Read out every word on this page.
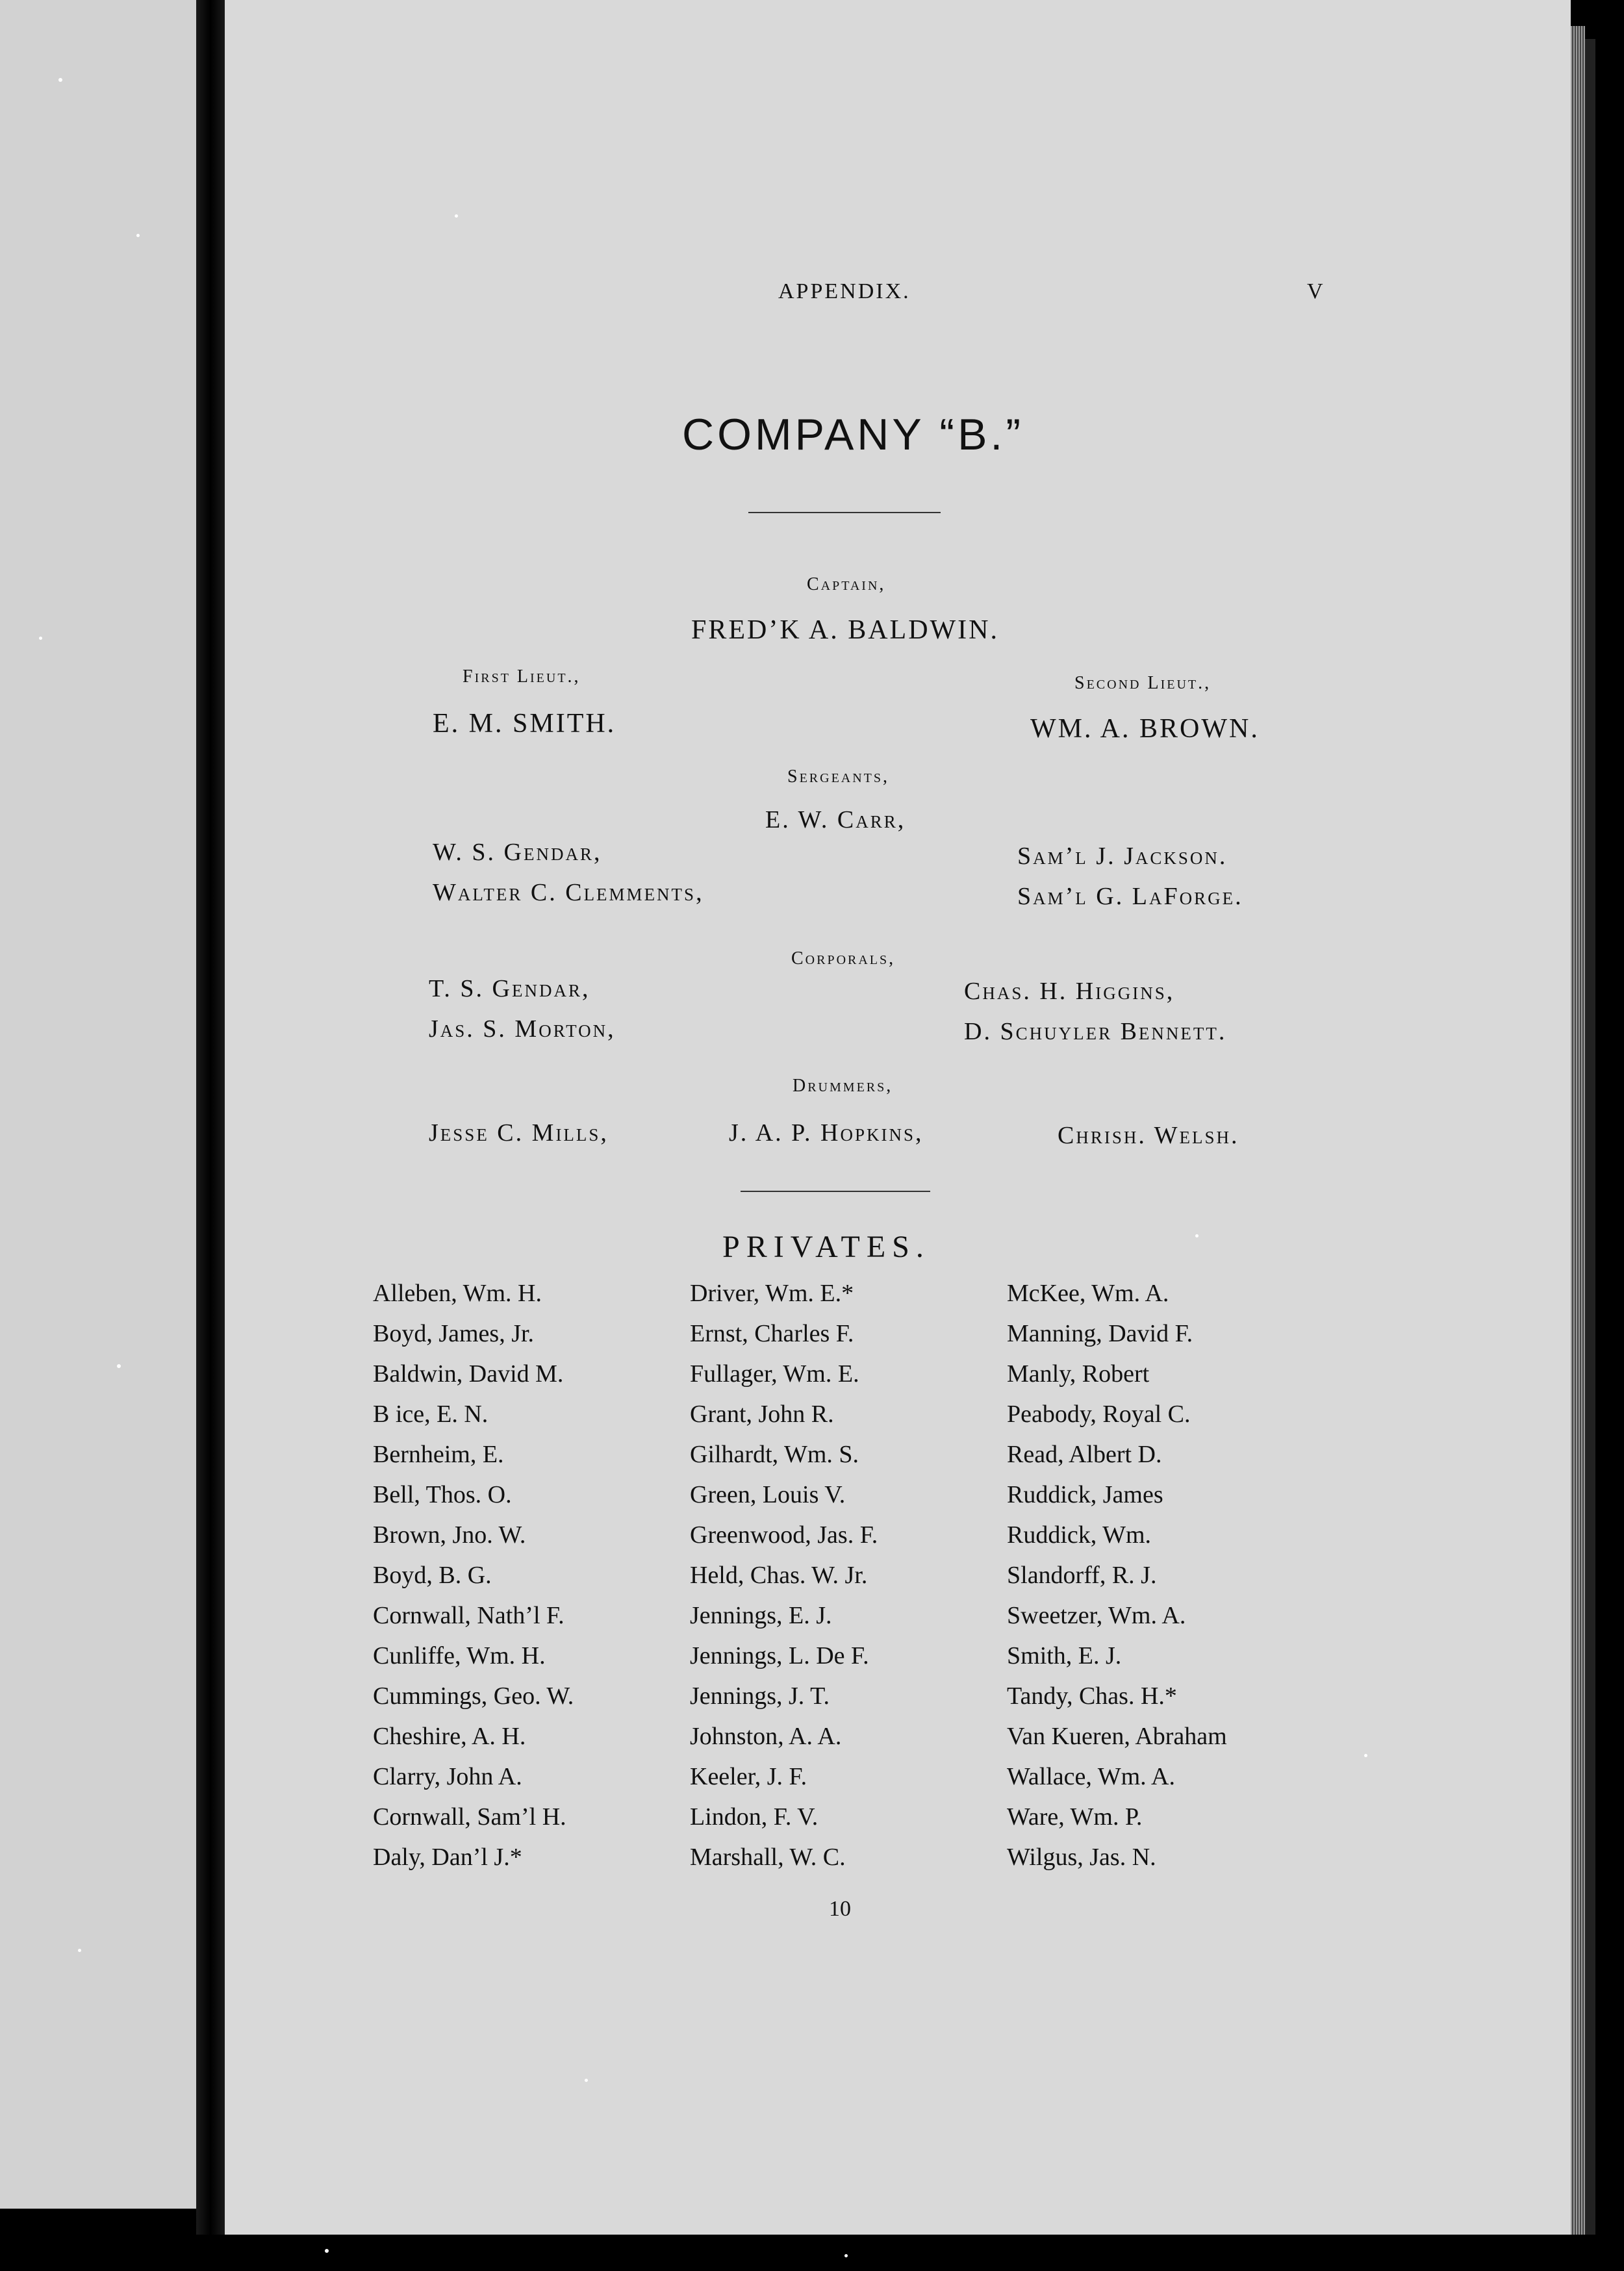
APPENDIX.	V
COMPANY “B.”
Captain,
FRED’K A. BALDWIN.
First Lieut.,
E. M. SMITH.
Second Lieut.,
WM. A. BROWN.
Sergeants,
E. W. Carr,
W. S. Gendar,
Walter C. Clemments,
Sam’l J. Jackson.
Sam’l G. LaForge.
Corporals,
T. S. Gendar,
Jas. S. Morton,
Chas. H. Higgins,
D. Schuyler Bennett.
Drummers,
Jesse C. Mills,	J. A. P. Hopkins,	Chrish. Welsh.
PRIVATES.
Alleben, Wm. H.
Boyd, James, Jr.
Baldwin, David M.
B ice, E. N.
Bernheim, E.
Bell, Thos. O.
Brown, Jno. W.
Boyd, B. G.
Cornwall, Nath’l F.
Cunliffe, Wm. H.
Cummings, Geo. W.
Cheshire, A. H.
Clarry, John A.
Cornwall, Sam’l H.
Daly, Dan’l J.*
Driver, Wm. E.*
Ernst, Charles F.
Fullager, Wm. E.
Grant, John R.
Gilhardt, Wm. S.
Green, Louis V.
Greenwood, Jas. F.
Held, Chas. W. Jr.
Jennings, E. J.
Jennings, L. De F.
Jennings, J. T.
Johnston, A. A.
Keeler, J. F.
Lindon, F. V.
Marshall, W. C.
McKee, Wm. A.
Manning, David F.
Manly, Robert
Peabody, Royal C.
Read, Albert D.
Ruddick, James
Ruddick, Wm.
Slandorff, R. J.
Sweetzer, Wm. A.
Smith, E. J.
Tandy, Chas. H.*
Van Kueren, Abraham
Wallace, Wm. A.
Ware, Wm. P.
Wilgus, Jas. N.
10
